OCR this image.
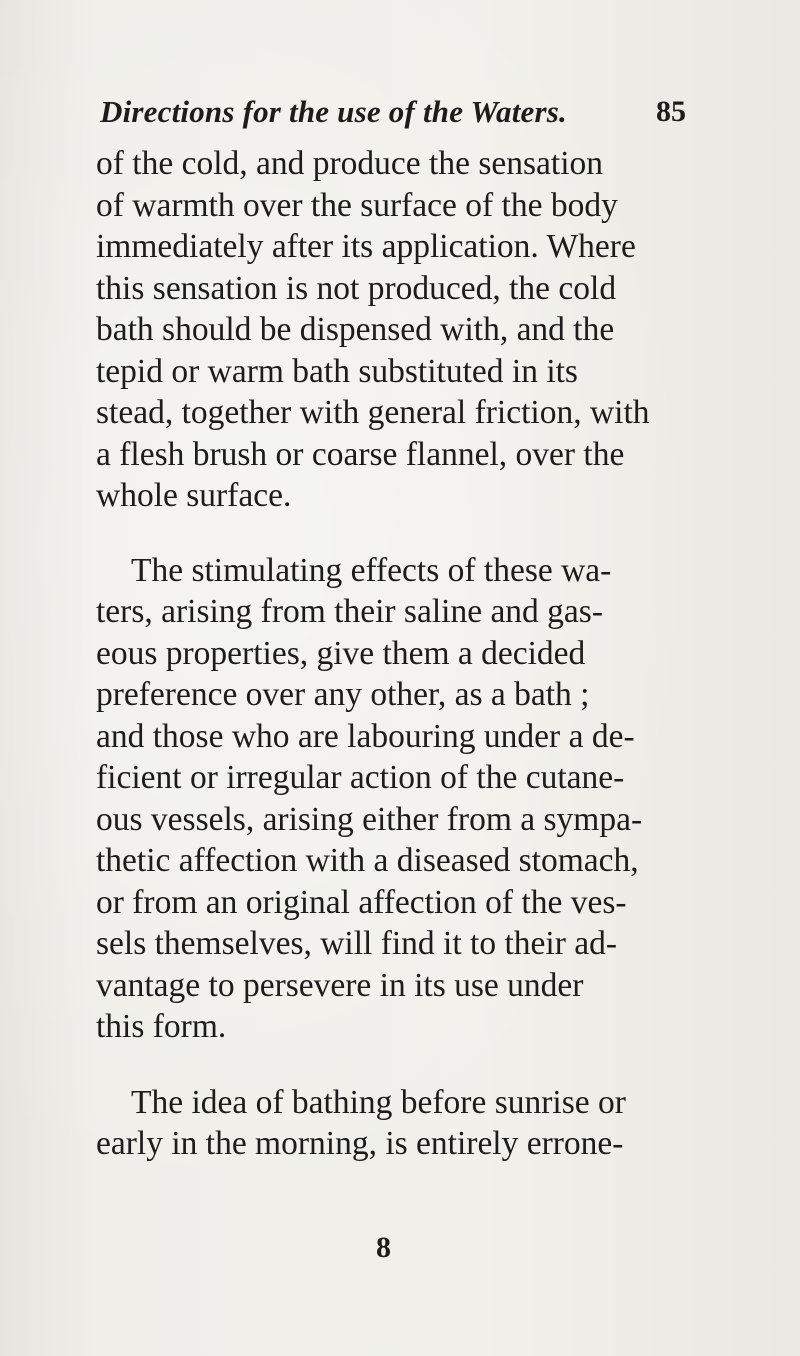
Directions for the use of the Waters.	85

of the cold, and produce the sensation
of warmth over the surface of the body
immediately after its application. Where
this sensation is not produced, the cold
bath should be dispensed with, and the
tepid or warm bath substituted in its
stead, together with general friction, with
a flesh brush or coarse flannel, over the
whole surface.

The stimulating effects of these wa-
ters, arising from their saline and gas-
eous properties, give them a decided
preference over any other, as a bath ;
and those who are labouring under a de-
ficient or irregular action of the cutane-
ous vessels, arising either from a sympa-
thetic affection with a diseased stomach,
or from an original affection of the ves-
sels themselves, will find it to their ad-
vantage to persevere in its use under
this form.

The idea of bathing before sunrise or
early in the morning, is entirely errone-

8
